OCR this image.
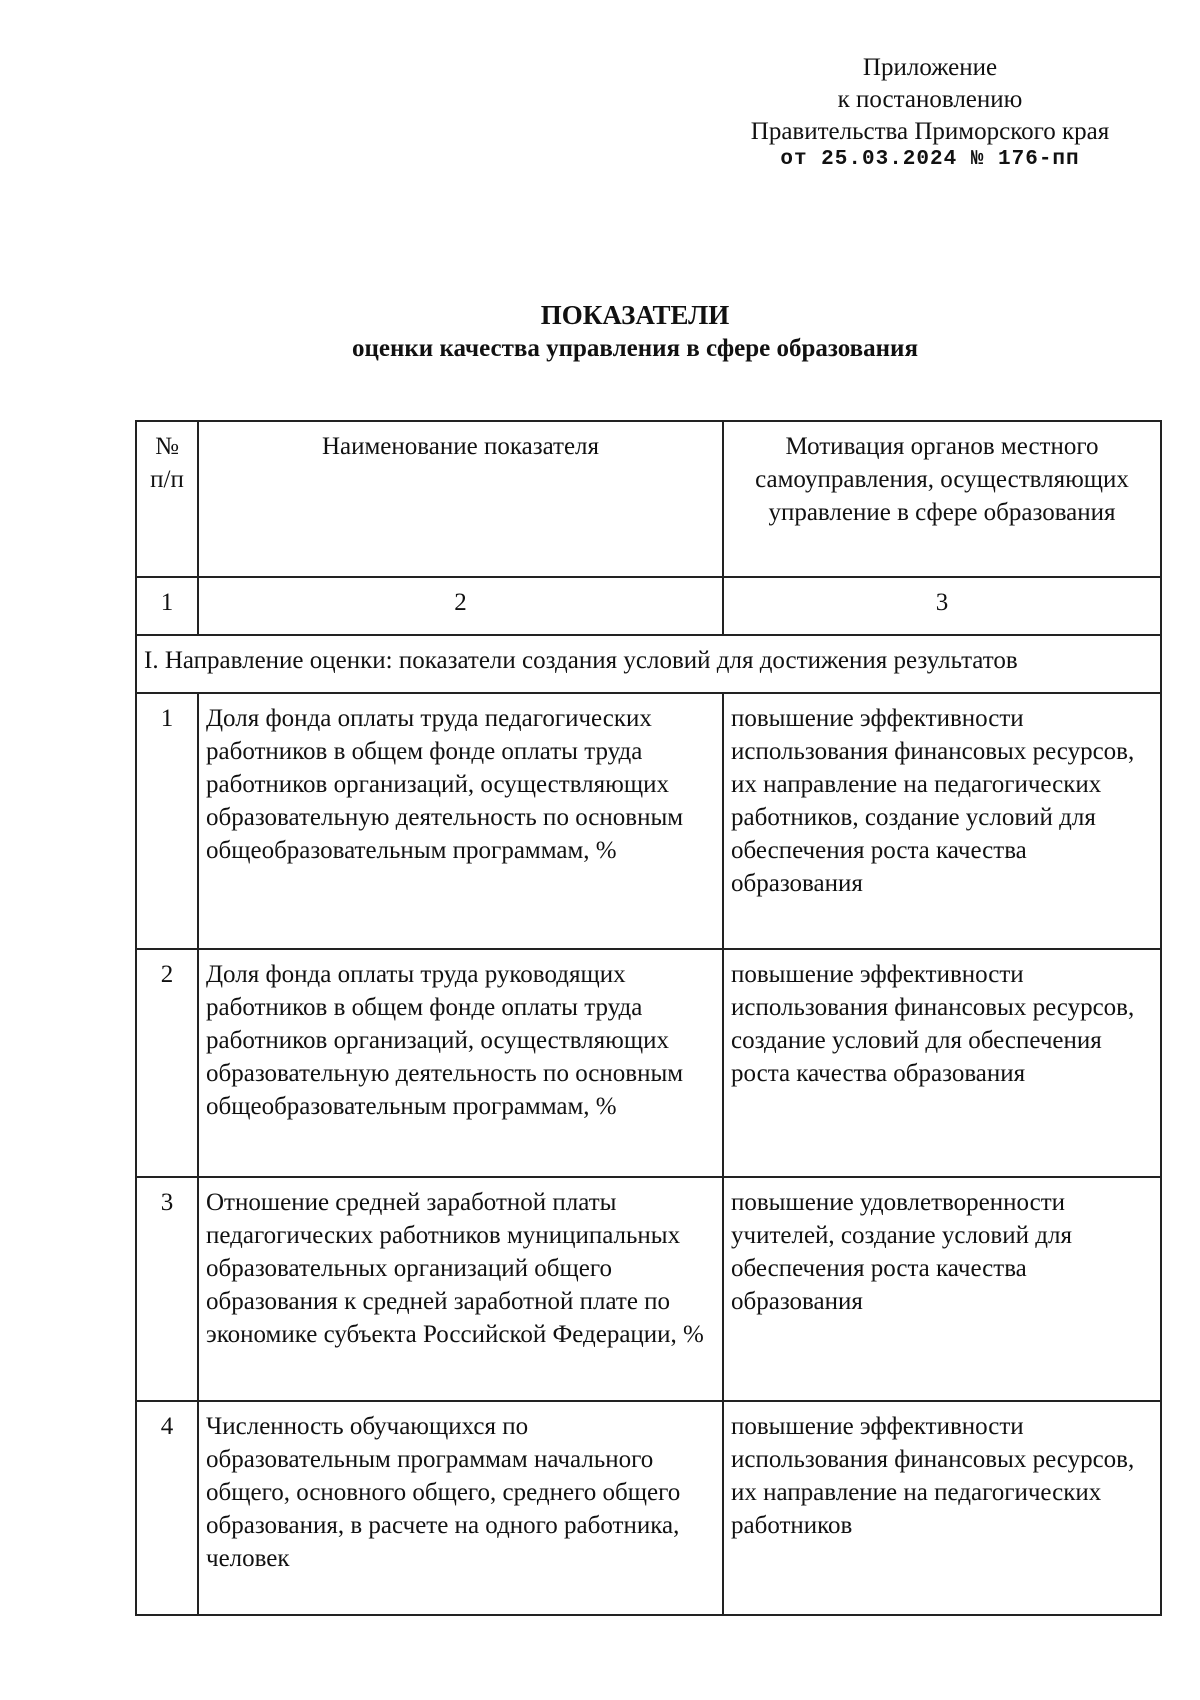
Приложение
к постановлению
Правительства Приморского края
от 25.03.2024 № 176-пп
ПОКАЗАТЕЛИ
оценки качества управления в сфере образования
№ п/п	Наименование показателя	Мотивация органов местного самоуправления, осуществляющих управление в сфере образования
1	2	3
I. Направление оценки: показатели создания условий для достижения результатов		
1	Доля фонда оплаты труда педагогических работников в общем фонде оплаты труда работников организаций, осуществляющих образовательную деятельность по основным общеобразовательным программам, %	повышение эффективности использования финансовых ресурсов, их направление на педагогических работников, создание условий для обеспечения роста качества образования
2	Доля фонда оплаты труда руководящих работников в общем фонде оплаты труда работников организаций, осуществляющих образовательную деятельность по основным общеобразовательным программам, %	повышение эффективности использования финансовых ресурсов, создание условий для обеспечения роста качества образования
3	Отношение средней заработной платы педагогических работников муниципальных образовательных организаций общего образования к средней заработной плате по экономике субъекта Российской Федерации, %	повышение удовлетворенности учителей, создание условий для обеспечения роста качества образования
4	Численность обучающихся по образовательным программам начального общего, основного общего, среднего общего образования, в расчете на одного работника, человек	повышение эффективности использования финансовых ресурсов, их направление на педагогических работников
